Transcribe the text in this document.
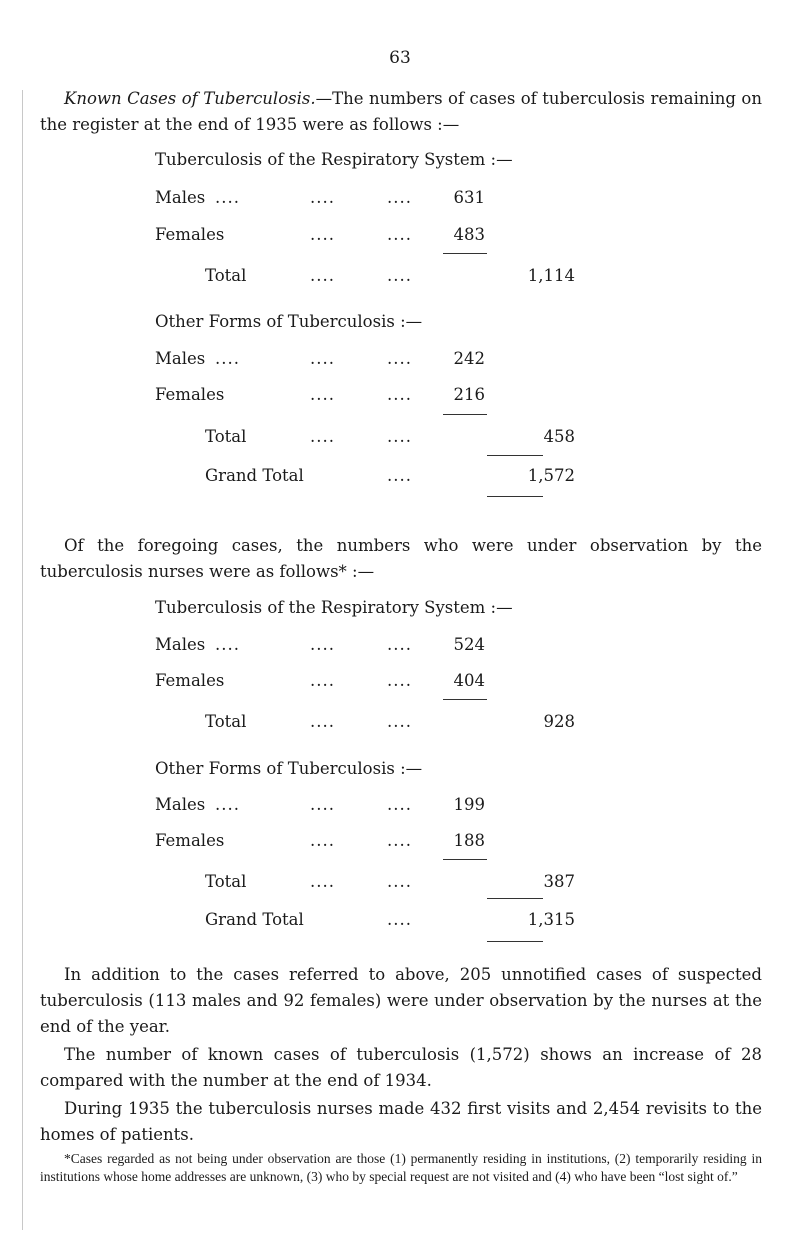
63
Known Cases of Tuberculosis.—The numbers of cases of tuberculosis remaining on the register at the end of 1935 were as follows :—
Tuberculosis of the Respiratory System :—
Males ....	....	....	631
Females	....	....	483
Total	....	....	1,114
Other Forms of Tuberculosis :—
Males ....	....	....	242
Females	....	....	216
Total	....	....	458
Grand Total	....	1,572
Of the foregoing cases, the numbers who were under observation by the tuberculosis nurses were as follows* :—
Tuberculosis of the Respiratory System :—
Males ....	....	....	524
Females	....	....	404
Total	....	....	928
Other Forms of Tuberculosis :—
Males ....	....	....	199
Females	....	....	188
Total	....	....	387
Grand Total	....	1,315
In addition to the cases referred to above, 205 unnotified cases of suspected tuberculosis (113 males and 92 females) were under observation by the nurses at the end of the year.
The number of known cases of tuberculosis (1,572) shows an increase of 28 compared with the number at the end of 1934.
During 1935 the tuberculosis nurses made 432 first visits and 2,454 revisits to the homes of patients.
*Cases regarded as not being under observation are those (1) permanently residing in institutions, (2) temporarily residing in institutions whose home addresses are unknown, (3) who by special request are not visited and (4) who have been “lost sight of.”
